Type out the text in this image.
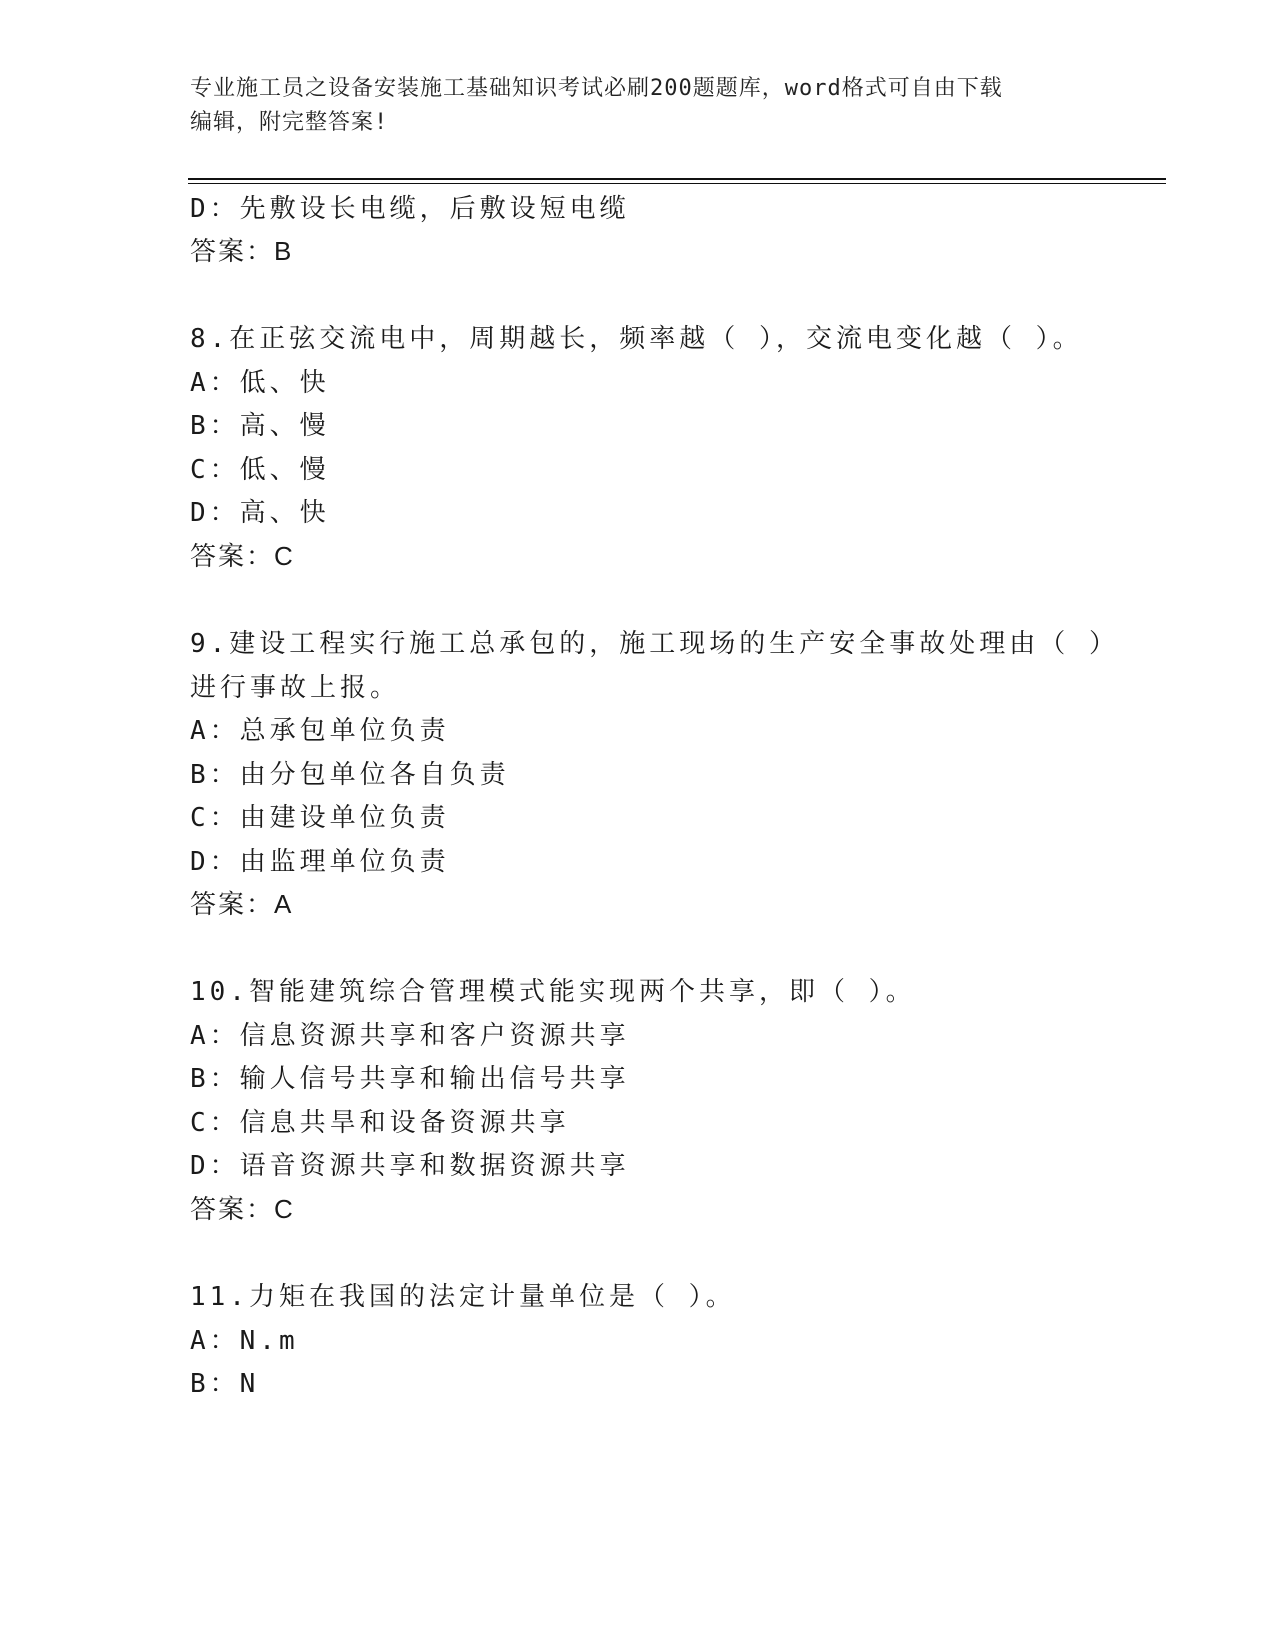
专业施工员之设备安装施工基础知识考试必刷200题题库，word格式可自由下载
编辑，附完整答案!
D：先敷设长电缆，后敷设短电缆
答案：B
8.在正弦交流电中，周期越长，频率越（ ），交流电变化越（ ）。
A：低、快
B：高、慢
C：低、慢
D：高、快
答案：C
9.建设工程实行施工总承包的，施工现场的生产安全事故处理由（ ）
进行事故上报。
A：总承包单位负责
B：由分包单位各自负责
C：由建设单位负责
D：由监理单位负责
答案：A
10.智能建筑综合管理模式能实现两个共享，即（ ）。
A：信息资源共享和客户资源共享
B：输人信号共享和输出信号共享
C：信息共旱和设备资源共享
D：语音资源共享和数据资源共享
答案：C
11.力矩在我国的法定计量单位是（ ）。
A：N.m
B：N
